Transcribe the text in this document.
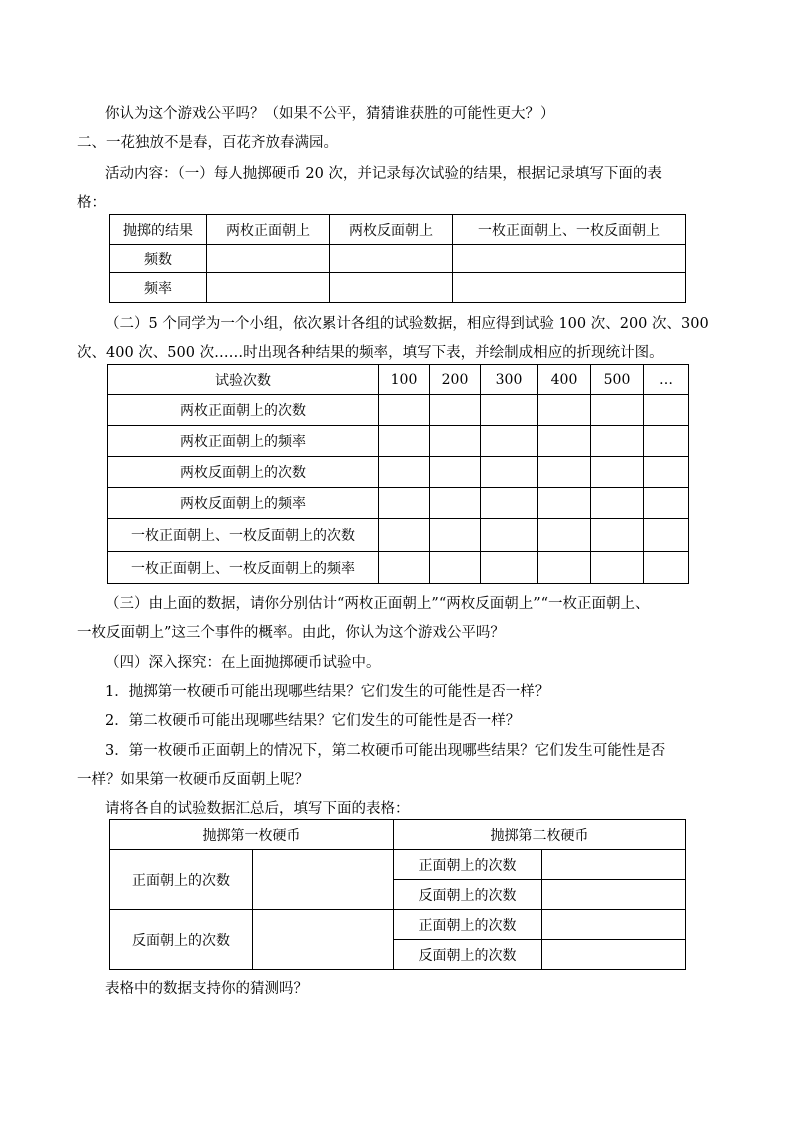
你认为这个游戏公平吗？（如果不公平，猜猜谁获胜的可能性更大？）
二、一花独放不是春，百花齐放春满园。
活动内容：（一）每人抛掷硬币 20 次，并记录每次试验的结果，根据记录填写下面的表
格：
抛掷的结果	两枚正面朝上	两枚反面朝上	一枚正面朝上、一枚反面朝上
频数			
频率			
（二）5 个同学为一个小组，依次累计各组的试验数据，相应得到试验 100 次、200 次、300
次、400 次、500 次……时出现各种结果的频率，填写下表，并绘制成相应的折现统计图。
试验次数	100	200	300	400	500	…
两枚正面朝上的次数						
两枚正面朝上的频率						
两枚反面朝上的次数						
两枚反面朝上的频率						
一枚正面朝上、一枚反面朝上的次数						
一枚正面朝上、一枚反面朝上的频率						
（三）由上面的数据，请你分别估计“两枚正面朝上”“两枚反面朝上”“一枚正面朝上、
一枚反面朝上”这三个事件的概率。由此，你认为这个游戏公平吗？
（四）深入探究：在上面抛掷硬币试验中。
1．抛掷第一枚硬币可能出现哪些结果？它们发生的可能性是否一样？
2．第二枚硬币可能出现哪些结果？它们发生的可能性是否一样？
3．第一枚硬币正面朝上的情况下，第二枚硬币可能出现哪些结果？它们发生可能性是否
一样？如果第一枚硬币反面朝上呢？
请将各自的试验数据汇总后，填写下面的表格：
抛掷第一枚硬币		抛掷第二枚硬币	
正面朝上的次数		正面朝上的次数	
		反面朝上的次数	
反面朝上的次数		正面朝上的次数	
		反面朝上的次数	
表格中的数据支持你的猜测吗？
